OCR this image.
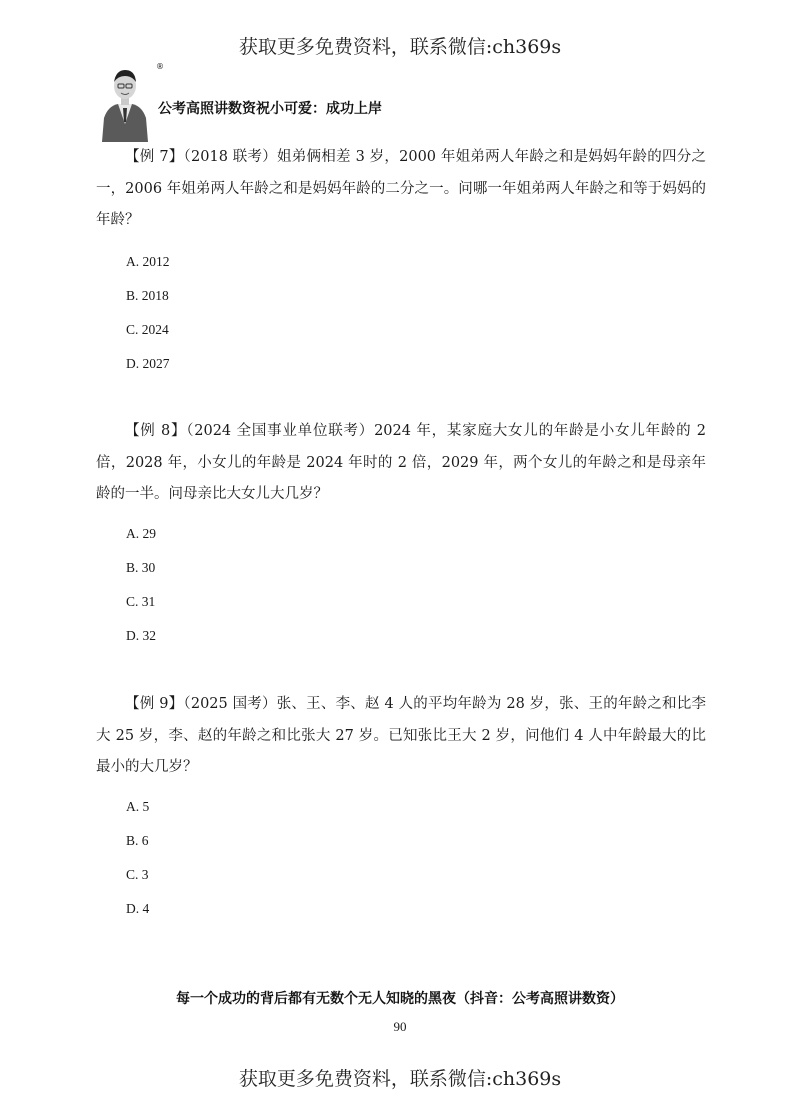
获取更多免费资料，联系微信:ch369s
®
公考高照讲数资祝小可爱：成功上岸

【例 7】（2018 联考）姐弟俩相差 3 岁，2000 年姐弟两人年龄之和是妈妈年龄的四分之一，2006 年姐弟两人年龄之和是妈妈年龄的二分之一。问哪一年姐弟两人年龄之和等于妈妈的年龄？

A. 2012
B. 2018
C. 2024
D. 2027

【例 8】（2024 全国事业单位联考）2024 年，某家庭大女儿的年龄是小女儿年龄的 2 倍，2028 年，小女儿的年龄是 2024 年时的 2 倍，2029 年，两个女儿的年龄之和是母亲年龄的一半。问母亲比大女儿大几岁？

A. 29
B. 30
C. 31
D. 32

【例 9】（2025 国考）张、王、李、赵 4 人的平均年龄为 28 岁，张、王的年龄之和比李大 25 岁，李、赵的年龄之和比张大 27 岁。已知张比王大 2 岁，问他们 4 人中年龄最大的比最小的大几岁？

A. 5
B. 6
C. 3
D. 4
每一个成功的背后都有无数个无人知晓的黑夜（抖音：公考高照讲数资）
90
获取更多免费资料，联系微信:ch369s
